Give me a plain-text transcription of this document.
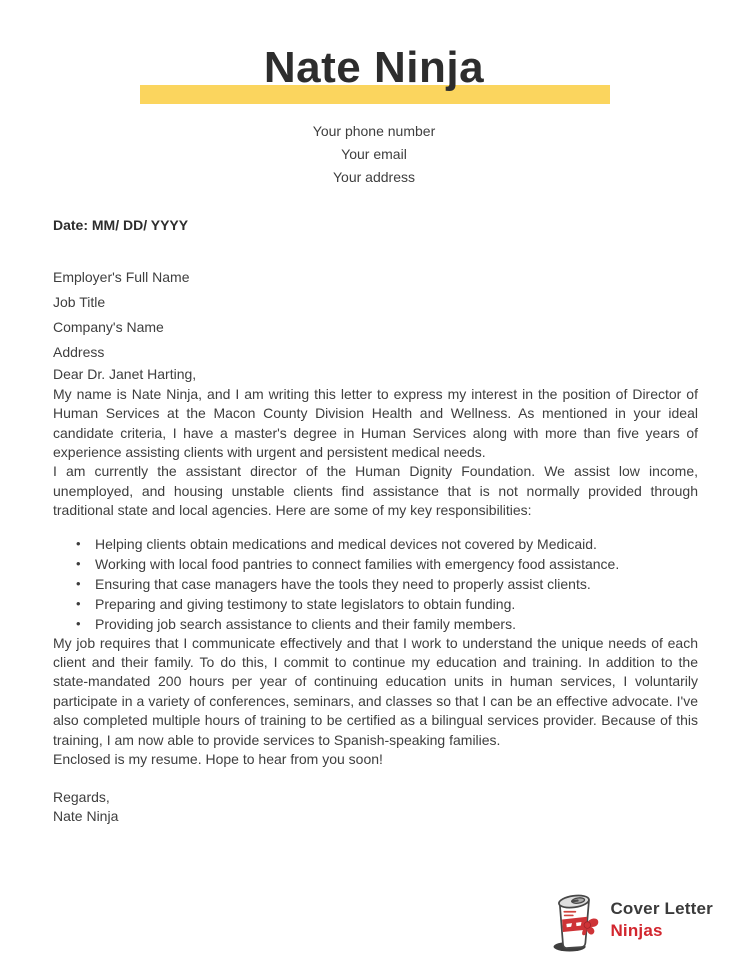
Nate Ninja
Your phone number
Your email
Your address

Date: MM/ DD/ YYYY

Employer's Full Name
Job Title
Company's Name
Address

Dear Dr. Janet Harting,

My name is Nate Ninja, and I am writing this letter to express my interest in the position of Director of Human Services at the Macon County Division Health and Wellness. As mentioned in your ideal candidate criteria, I have a master's degree in Human Services along with more than five years of experience assisting clients with urgent and persistent medical needs.

I am currently the assistant director of the Human Dignity Foundation. We assist low income, unemployed, and housing unstable clients find assistance that is not normally provided through traditional state and local agencies. Here are some of my key responsibilities:

• Helping clients obtain medications and medical devices not covered by Medicaid.
• Working with local food pantries to connect families with emergency food assistance.
• Ensuring that case managers have the tools they need to properly assist clients.
• Preparing and giving testimony to state legislators to obtain funding.
• Providing job search assistance to clients and their family members.

My job requires that I communicate effectively and that I work to understand the unique needs of each client and their family. To do this, I commit to continue my education and training. In addition to the state-mandated 200 hours per year of continuing education units in human services, I voluntarily participate in a variety of conferences, seminars, and classes so that I can be an effective advocate. I've also completed multiple hours of training to be certified as a bilingual services provider. Because of this training, I am now able to provide services to Spanish-speaking families.

Enclosed is my resume. Hope to hear from you soon!

Regards,
Nate Ninja
Cover Letter
Ninjas
